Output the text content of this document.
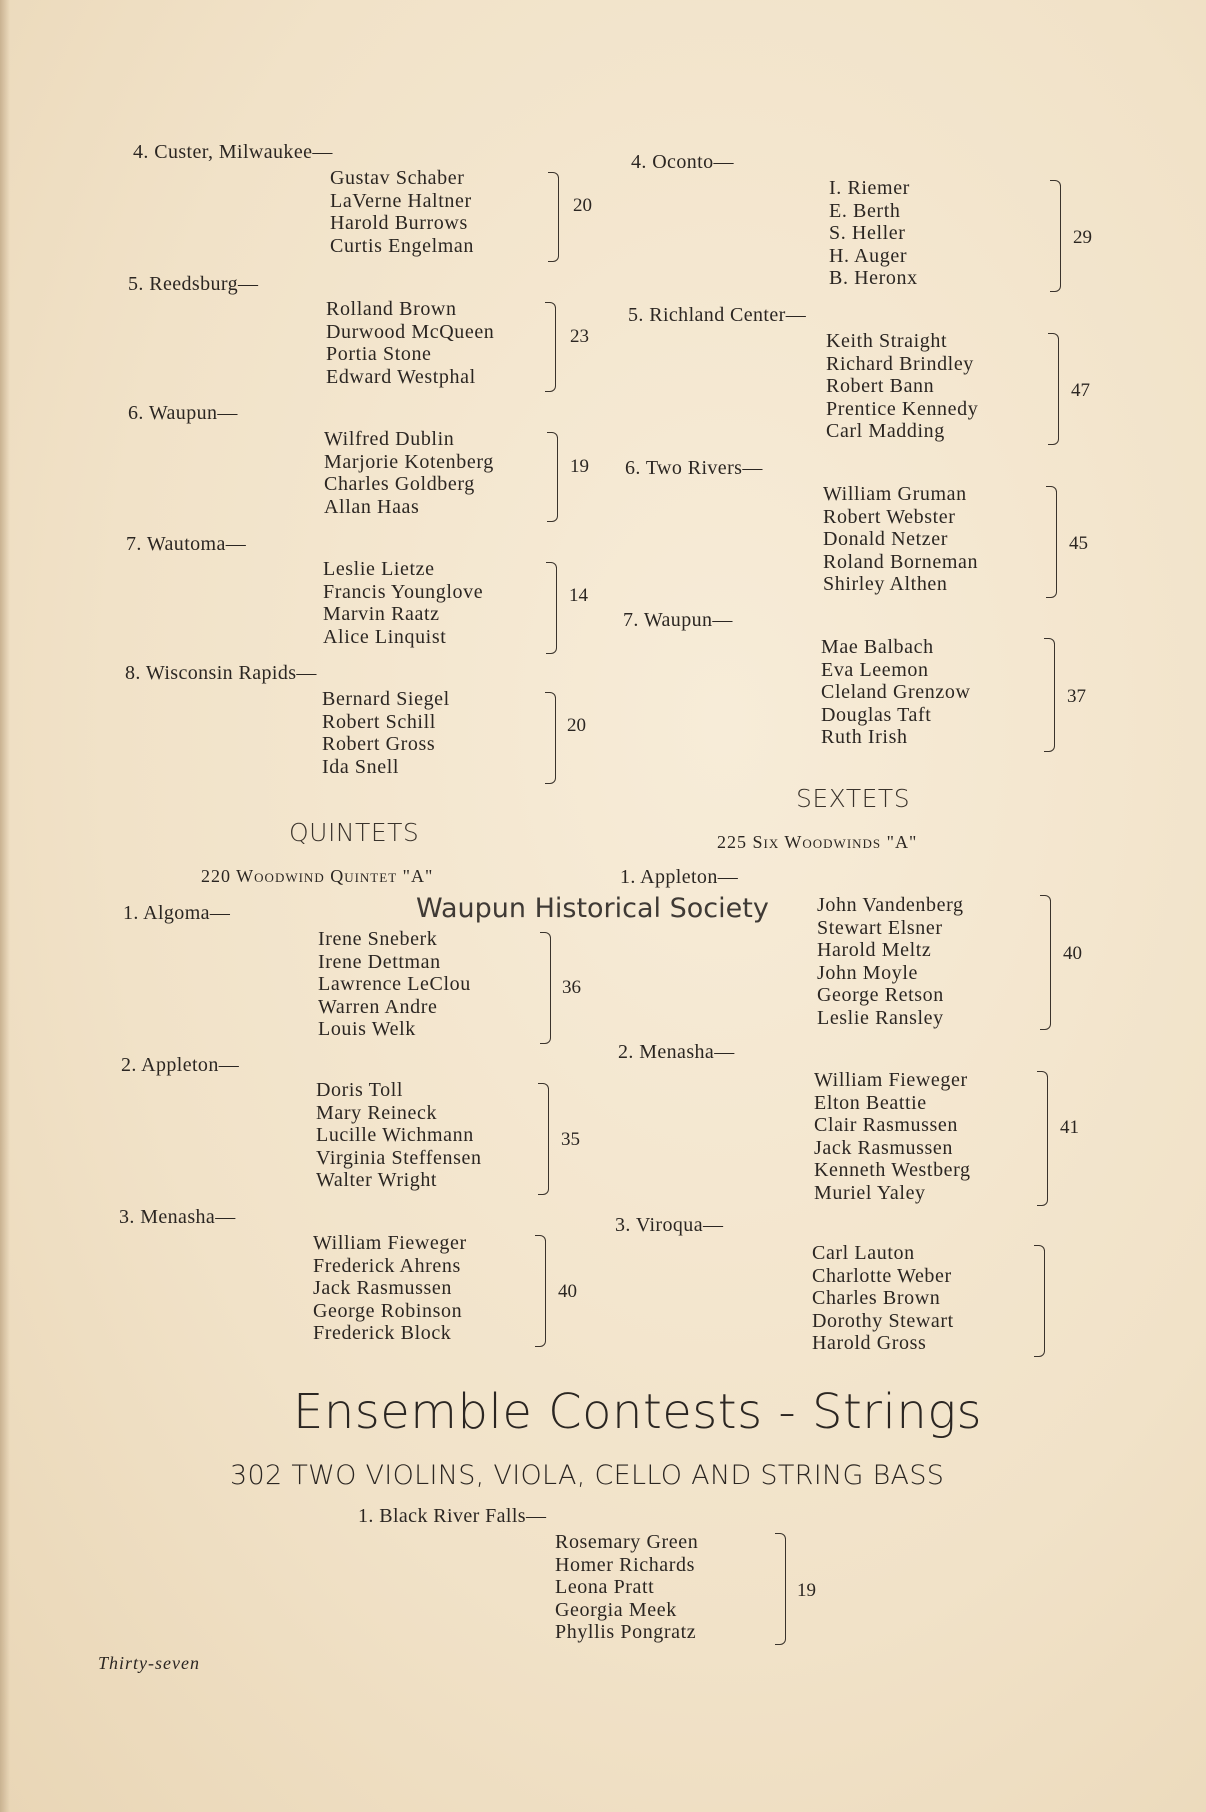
4. Custer, Milwaukee—
Gustav Schaber
LaVerne Haltner
Harold Burrows
Curtis Engelman
20
5. Reedsburg—
Rolland Brown
Durwood McQueen
Portia Stone
Edward Westphal
23
6. Waupun—
Wilfred Dublin
Marjorie Kotenberg
Charles Goldberg
Allan Haas
19
7. Wautoma—
Leslie Lietze
Francis Younglove
Marvin Raatz
Alice Linquist
14
8. Wisconsin Rapids—
Bernard Siegel
Robert Schill
Robert Gross
Ida Snell
20
QUINTETS
220 Woodwind Quintet "A"
1. Algoma—
Irene Sneberk
Irene Dettman
Lawrence LeClou
Warren Andre
Louis Welk
36
2. Appleton—
Doris Toll
Mary Reineck
Lucille Wichmann
Virginia Steffensen
Walter Wright
35
3. Menasha—
William Fieweger
Frederick Ahrens
Jack Rasmussen
George Robinson
Frederick Block
40
4. Oconto—
I. Riemer
E. Berth
S. Heller
H. Auger
B. Heronx
29
5. Richland Center—
Keith Straight
Richard Brindley
Robert Bann
Prentice Kennedy
Carl Madding
47
6. Two Rivers—
William Gruman
Robert Webster
Donald Netzer
Roland Borneman
Shirley Althen
45
7. Waupun—
Mae Balbach
Eva Leemon
Cleland Grenzow
Douglas Taft
Ruth Irish
37
SEXTETS
225 Six Woodwinds "A"
1. Appleton—
John Vandenberg
Stewart Elsner
Harold Meltz
John Moyle
George Retson
Leslie Ransley
40
2. Menasha—
William Fieweger
Elton Beattie
Clair Rasmussen
Jack Rasmussen
Kenneth Westberg
Muriel Yaley
41
3. Viroqua—
Carl Lauton
Charlotte Weber
Charles Brown
Dorothy Stewart
Harold Gross
Waupun Historical Society
Ensemble Contests - Strings
302 TWO VIOLINS, VIOLA, CELLO AND STRING BASS
1. Black River Falls—
Rosemary Green
Homer Richards
Leona Pratt
Georgia Meek
Phyllis Pongratz
19
Thirty-seven
